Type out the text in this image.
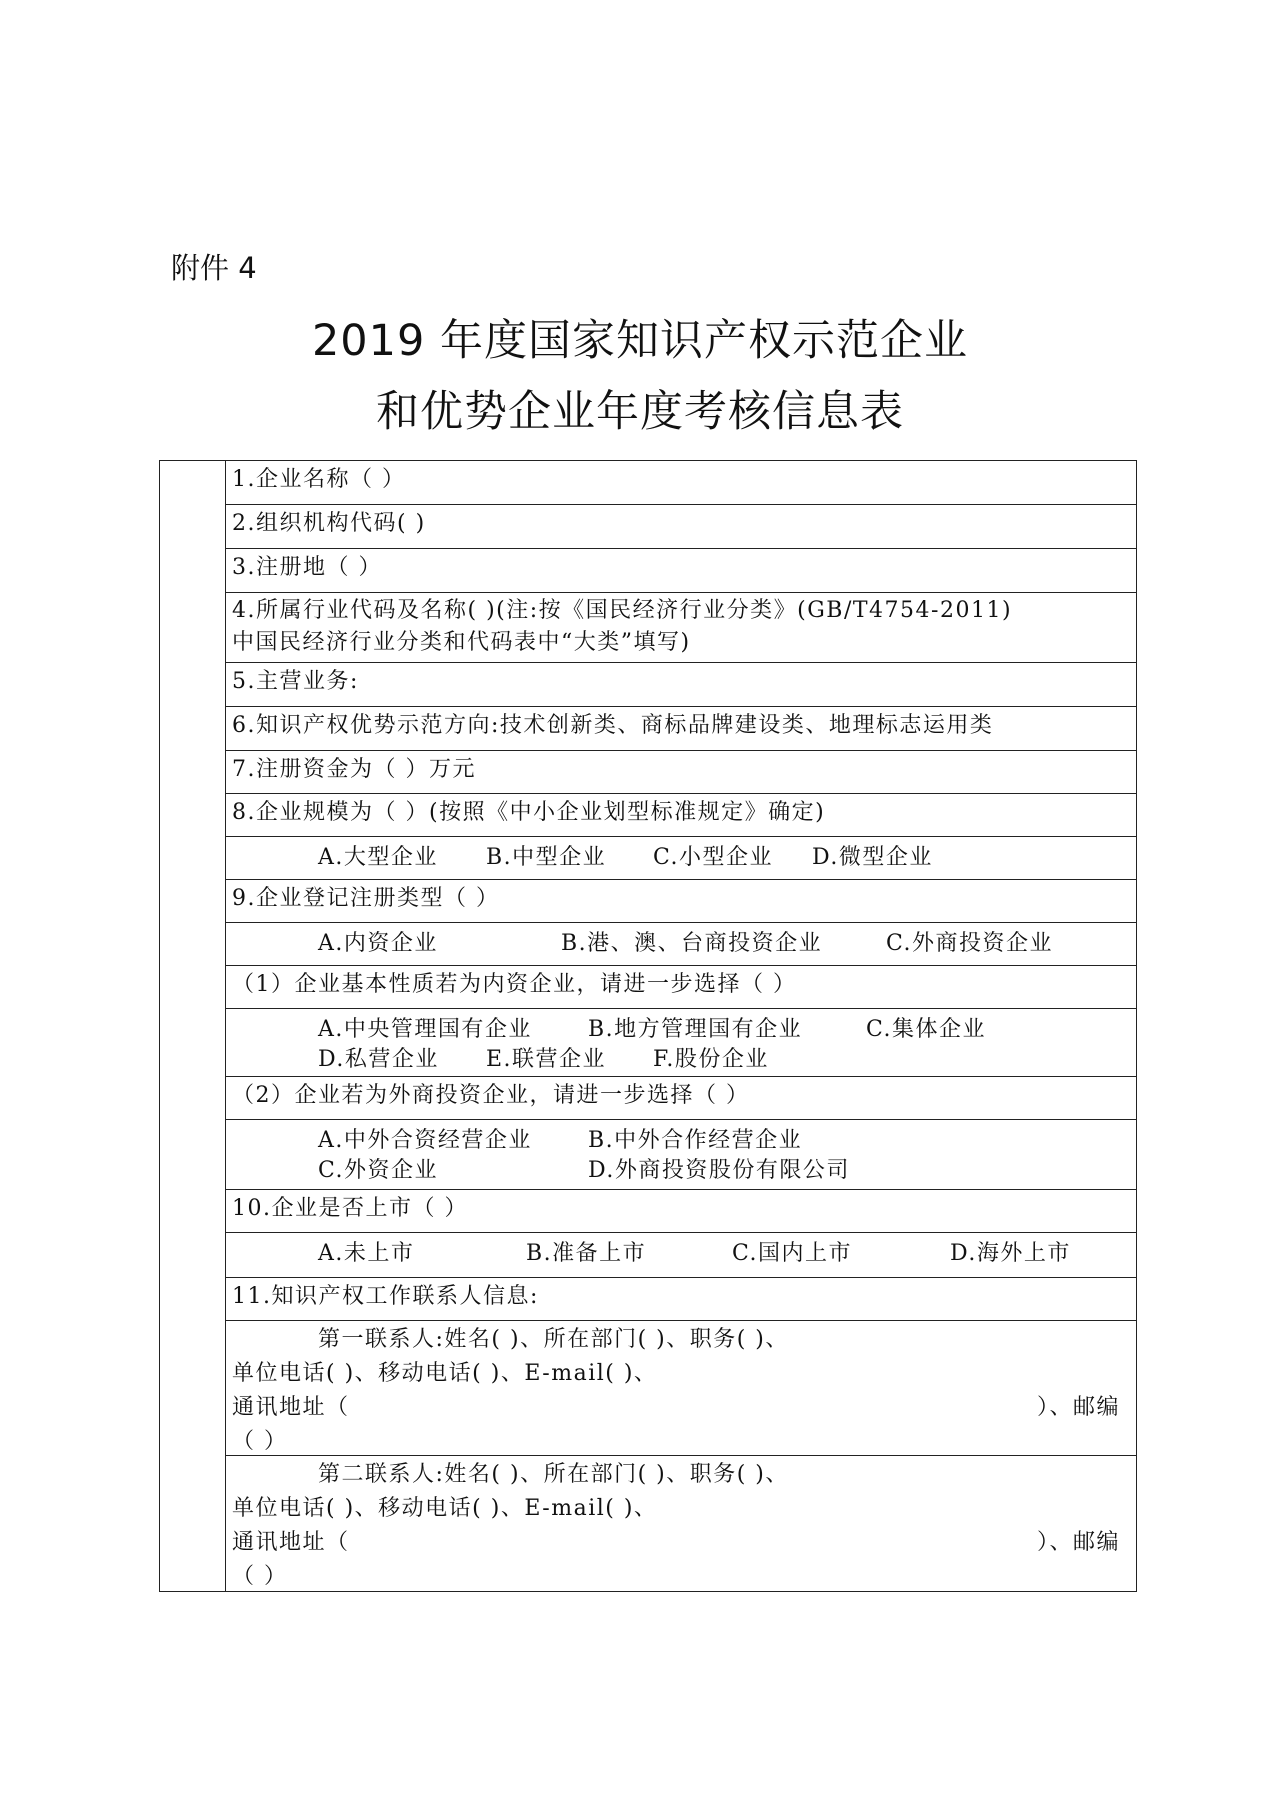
附件 4
2019 年度国家知识产权示范企业
和优势企业年度考核信息表
1.企业名称（ ）
2.组织机构代码( )
3.注册地（ ）
4.所属行业代码及名称( )(注:按《国民经济行业分类》(GB/T4754-2011)
中国民经济行业分类和代码表中“大类”填写)
5.主营业务:
6.知识产权优势示范方向:技术创新类、商标品牌建设类、地理标志运用类
7.注册资金为（ ）万元
8.企业规模为（ ）(按照《中小企业划型标准规定》确定)
A.大型企业 B.中型企业 C.小型企业 D.微型企业
9.企业登记注册类型（ ）
A.内资企业	B.港、澳、台商投资企业	C.外商投资企业
（1）企业基本性质若为内资企业，请进一步选择（ ）
A.中央管理国有企业	B.地方管理国有企业	C.集体企业
D.私营企业 E.联营企业 F.股份企业
（2）企业若为外商投资企业，请进一步选择（ ）
A.中外合资经营企业	B.中外合作经营企业
C.外资企业	D.外商投资股份有限公司
10.企业是否上市（ ）
A.未上市	B.准备上市	C.国内上市	D.海外上市
11.知识产权工作联系人信息:
第一联系人:姓名( )、所在部门( )、职务( )、
单位电话( )、移动电话( )、E-mail( )、
通讯地址（	）、邮编
（ ）
第二联系人:姓名( )、所在部门( )、职务( )、
单位电话( )、移动电话( )、E-mail( )、
通讯地址（	）、邮编
（ ）
